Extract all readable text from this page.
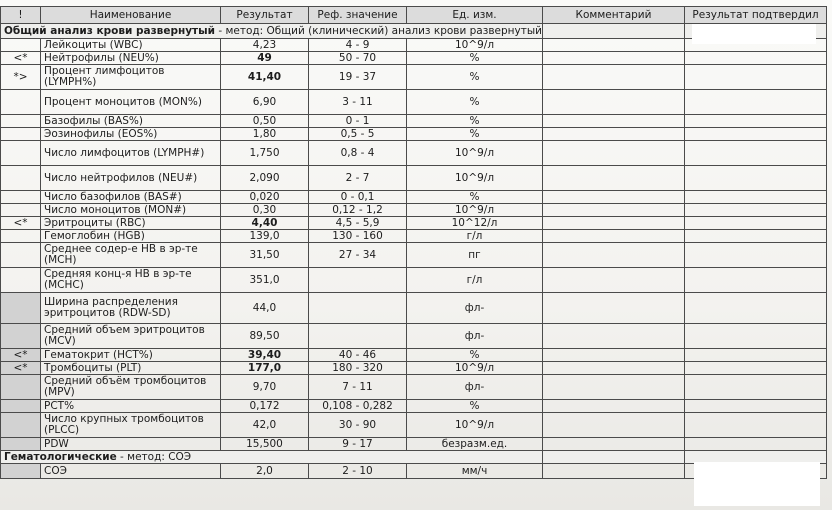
!	Наименование	Результат	Реф. значение	Ед. изм.	Комментарий	Результат подтвердил
Общий анализ крови развернутый - метод: Общий (клинический) анализ крови развернутый						
	Лейкоциты (WBC)	4,23	4 - 9	10^9/л		
<*	Нейтрофилы (NEU%)	49	50 - 70	%		
*>	Процент лимфоцитов (LYMPH%)	41,40	19 - 37	%		
	Процент моноцитов (MON%)	6,90	3 - 11	%		
	Базофилы (BAS%)	0,50	0 - 1	%		
	Эозинофилы (EOS%)	1,80	0,5 - 5	%		
	Число лимфоцитов (LYMPH#)	1,750	0,8 - 4	10^9/л		
	Число нейтрофилов (NEU#)	2,090	2 - 7	10^9/л		
	Число базофилов (BAS#)	0,020	0 - 0,1	%		
	Число моноцитов (MON#)	0,30	0,12 - 1,2	10^9/л		
<*	Эритроциты (RBC)	4,40	4,5 - 5,9	10^12/л		
	Гемоглобин (HGB)	139,0	130 - 160	г/л		
	Среднее содер-е НВ в эр-те (MCH)	31,50	27 - 34	пг		
	Средняя конц-я НВ в эр-те (MCHC)	351,0		г/л		
	Ширина распределения эритроцитов (RDW-SD)	44,0		фл-		
	Средний объем эритроцитов (MCV)	89,50		фл-		
<*	Гематокрит (HCT%)	39,40	40 - 46	%		
<*	Тромбоциты (PLT)	177,0	180 - 320	10^9/л		
	Средний объём тромбоцитов (MPV)	9,70	7 - 11	фл-		
	PCT%	0,172	0,108 - 0,282	%		
	Число крупных тромбоцитов (PLCC)	42,0	30 - 90	10^9/л		
	PDW	15,500	9 - 17	безразм.ед.		
Гематологические - метод: СОЭ						
	СОЭ	2,0	2 - 10	мм/ч		
